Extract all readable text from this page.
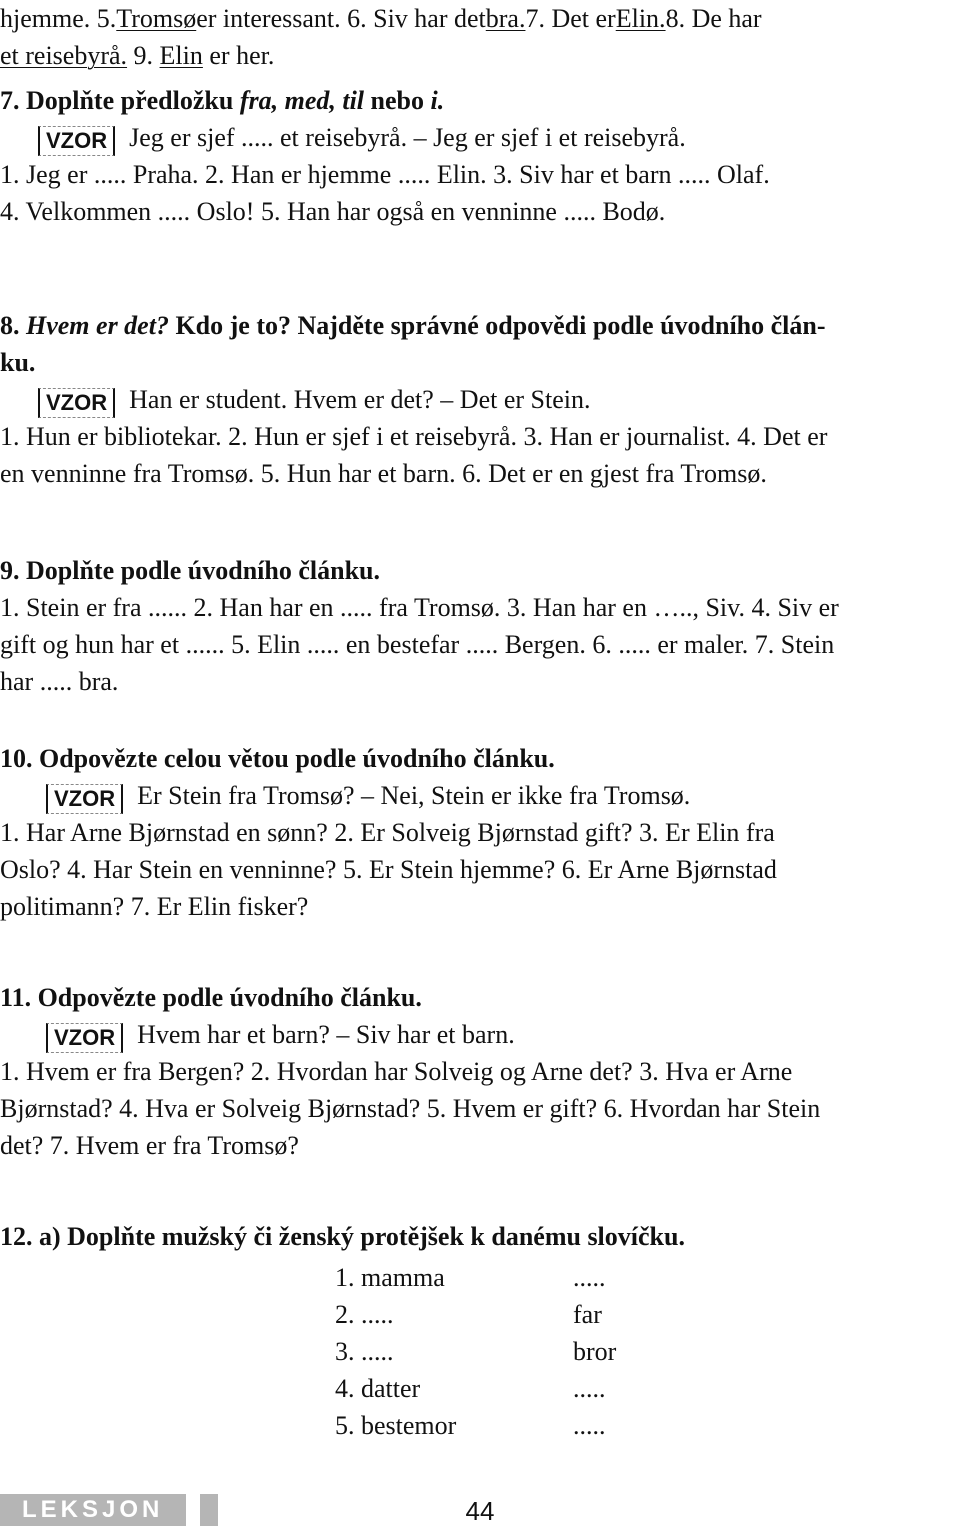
hjemme. 5.Tromsøer interessant. 6. Siv har detbra.7. Det erElin.8. De har
et reisebyrå. 9. Elin er her.
7. Doplňte předložku fra, med, til nebo i.
VZOR Jeg er sjef ..... et reisebyrå. – Jeg er sjef i et reisebyrå.
1. Jeg er ..... Praha. 2. Han er hjemme ..... Elin. 3. Siv har et barn ..... Olaf.
4. Velkommen ..... Oslo! 5. Han har også en venninne ..... Bodø.
8. Hvem er det? Kdo je to? Najděte správné odpovědi podle úvodního člán-
ku.
VZOR Han er student. Hvem er det? – Det er Stein.
1. Hun er bibliotekar. 2. Hun er sjef i et reisebyrå. 3. Han er journalist. 4. Det er
en venninne fra Tromsø. 5. Hun har et barn. 6. Det er en gjest fra Tromsø.
9. Doplňte podle úvodního článku.
1. Stein er fra ...... 2. Han har en ..... fra Tromsø. 3. Han har en ….., Siv. 4. Siv er
gift og hun har et ...... 5. Elin ..... en bestefar ..... Bergen. 6. ..... er maler. 7. Stein
har ..... bra.
10. Odpovězte celou větou podle úvodního článku.
VZOR Er Stein fra Tromsø? – Nei, Stein er ikke fra Tromsø.
1. Har Arne Bjørnstad en sønn? 2. Er Solveig Bjørnstad gift? 3. Er Elin fra
Oslo? 4. Har Stein en venninne? 5. Er Stein hjemme? 6. Er Arne Bjørnstad
politimann? 7. Er Elin fisker?
11. Odpovězte podle úvodního článku.
VZOR Hvem har et barn? – Siv har et barn.
1. Hvem er fra Bergen? 2. Hvordan har Solveig og Arne det? 3. Hva er Arne
Bjørnstad? 4. Hva er Solveig Bjørnstad? 5. Hvem er gift? 6. Hvordan har Stein
det? 7. Hvem er fra Tromsø?
12. a) Doplňte mužský či ženský protějšek k danému slovíčku.
1. mamma	.....
2. .....	far
3. .....	bror
4. datter	.....
5. bestemor	.....
LEKSJON	44
